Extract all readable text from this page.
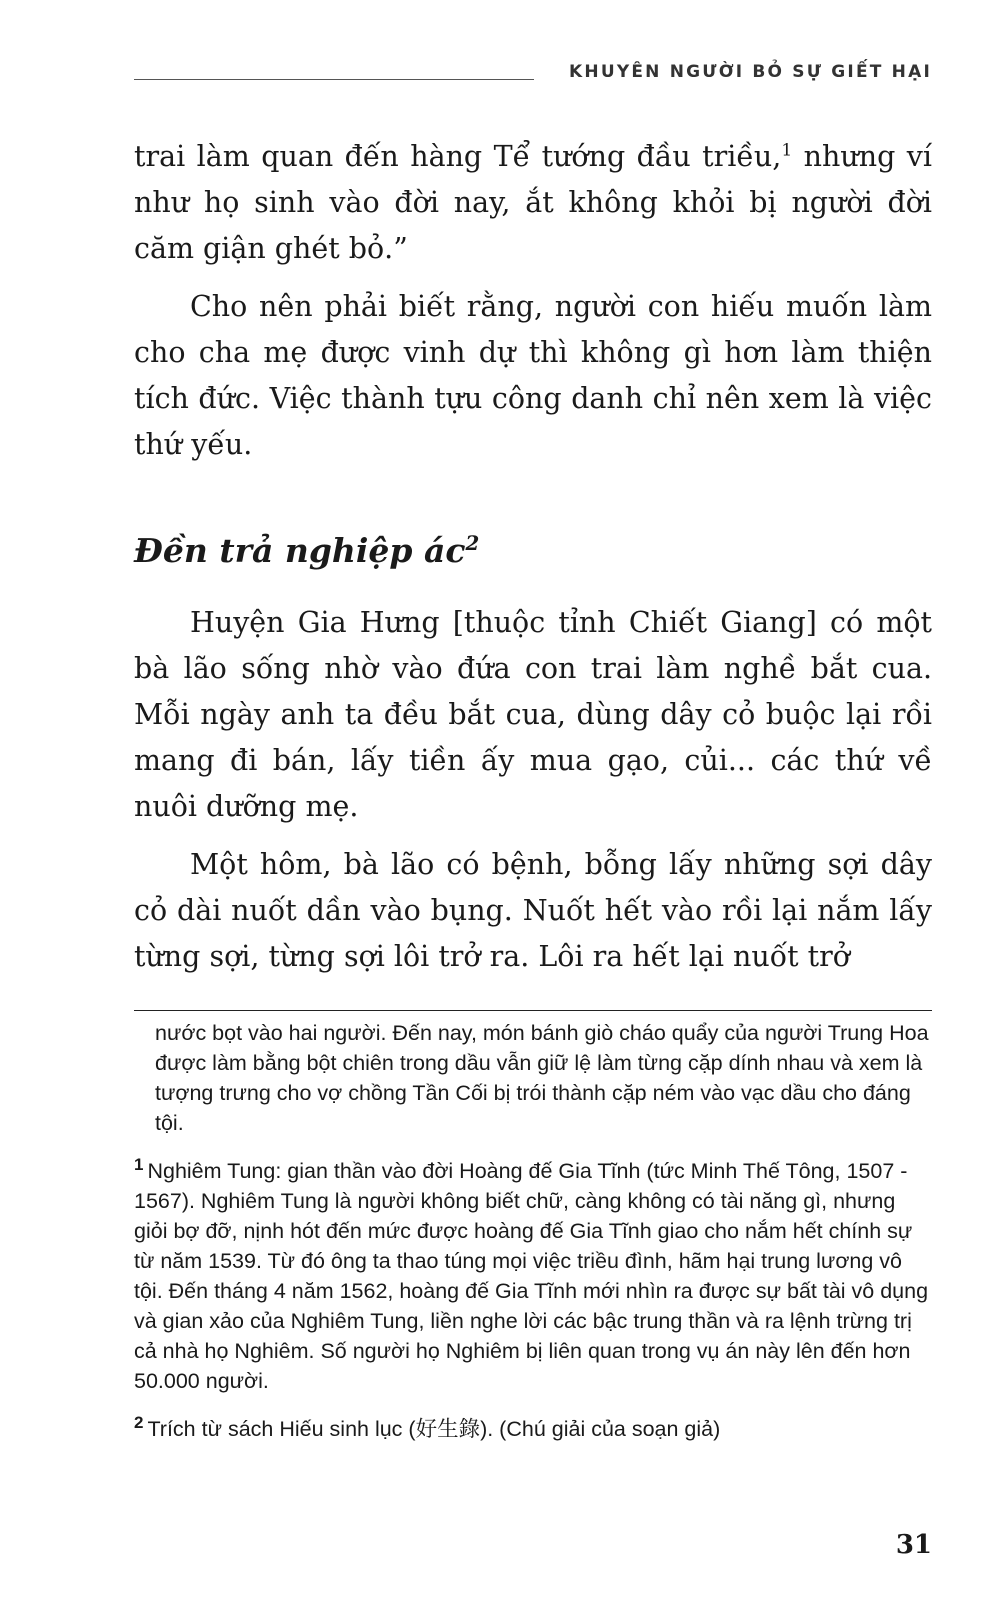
KHUYÊN NGƯỜI BỎ SỰ GIẾT HẠI

trai làm quan đến hàng Tể tướng đầu triều,$^1$ nhưng ví như họ sinh vào đời nay, ắt không khỏi bị người đời căm giận ghét bỏ.”

Cho nên phải biết rằng, người con hiếu muốn làm cho cha mẹ được vinh dự thì không gì hơn làm thiện tích đức. Việc thành tựu công danh chỉ nên xem là việc thứ yếu.

Đền trả nghiệp ác$^2$

Huyện Gia Hưng [thuộc tỉnh Chiết Giang] có một bà lão sống nhờ vào đứa con trai làm nghề bắt cua. Mỗi ngày anh ta đều bắt cua, dùng dây cỏ buộc lại rồi mang đi bán, lấy tiền ấy mua gạo, củi... các thứ về nuôi dưỡng mẹ.

Một hôm, bà lão có bệnh, bỗng lấy những sợi dây cỏ dài nuốt dần vào bụng. Nuốt hết vào rồi lại nắm lấy từng sợi, từng sợi lôi trở ra. Lôi ra hết lại nuốt trở

nước bọt vào hai người. Đến nay, món bánh giò cháo quẩy của người Trung Hoa được làm bằng bột chiên trong dầu vẫn giữ lệ làm từng cặp dính nhau và xem là tượng trưng cho vợ chồng Tần Cối bị trói thành cặp ném vào vạc dầu cho đáng tội.

$^1$ Nghiêm Tung: gian thần vào đời Hoàng đế Gia Tĩnh (tức Minh Thế Tông, 1507 - 1567). Nghiêm Tung là người không biết chữ, càng không có tài năng gì, nhưng giỏi bợ đỡ, nịnh hót đến mức được hoàng đế Gia Tĩnh giao cho nắm hết chính sự từ năm 1539. Từ đó ông ta thao túng mọi việc triều đình, hãm hại trung lương vô tội. Đến tháng 4 năm 1562, hoàng đế Gia Tĩnh mới nhìn ra được sự bất tài vô dụng và gian xảo của Nghiêm Tung, liền nghe lời các bậc trung thần và ra lệnh trừng trị cả nhà họ Nghiêm. Số người họ Nghiêm bị liên quan trong vụ án này lên đến hơn 50.000 người.

$^2$ Trích từ sách Hiếu sinh lục (好生錄). (Chú giải của soạn giả)

31
